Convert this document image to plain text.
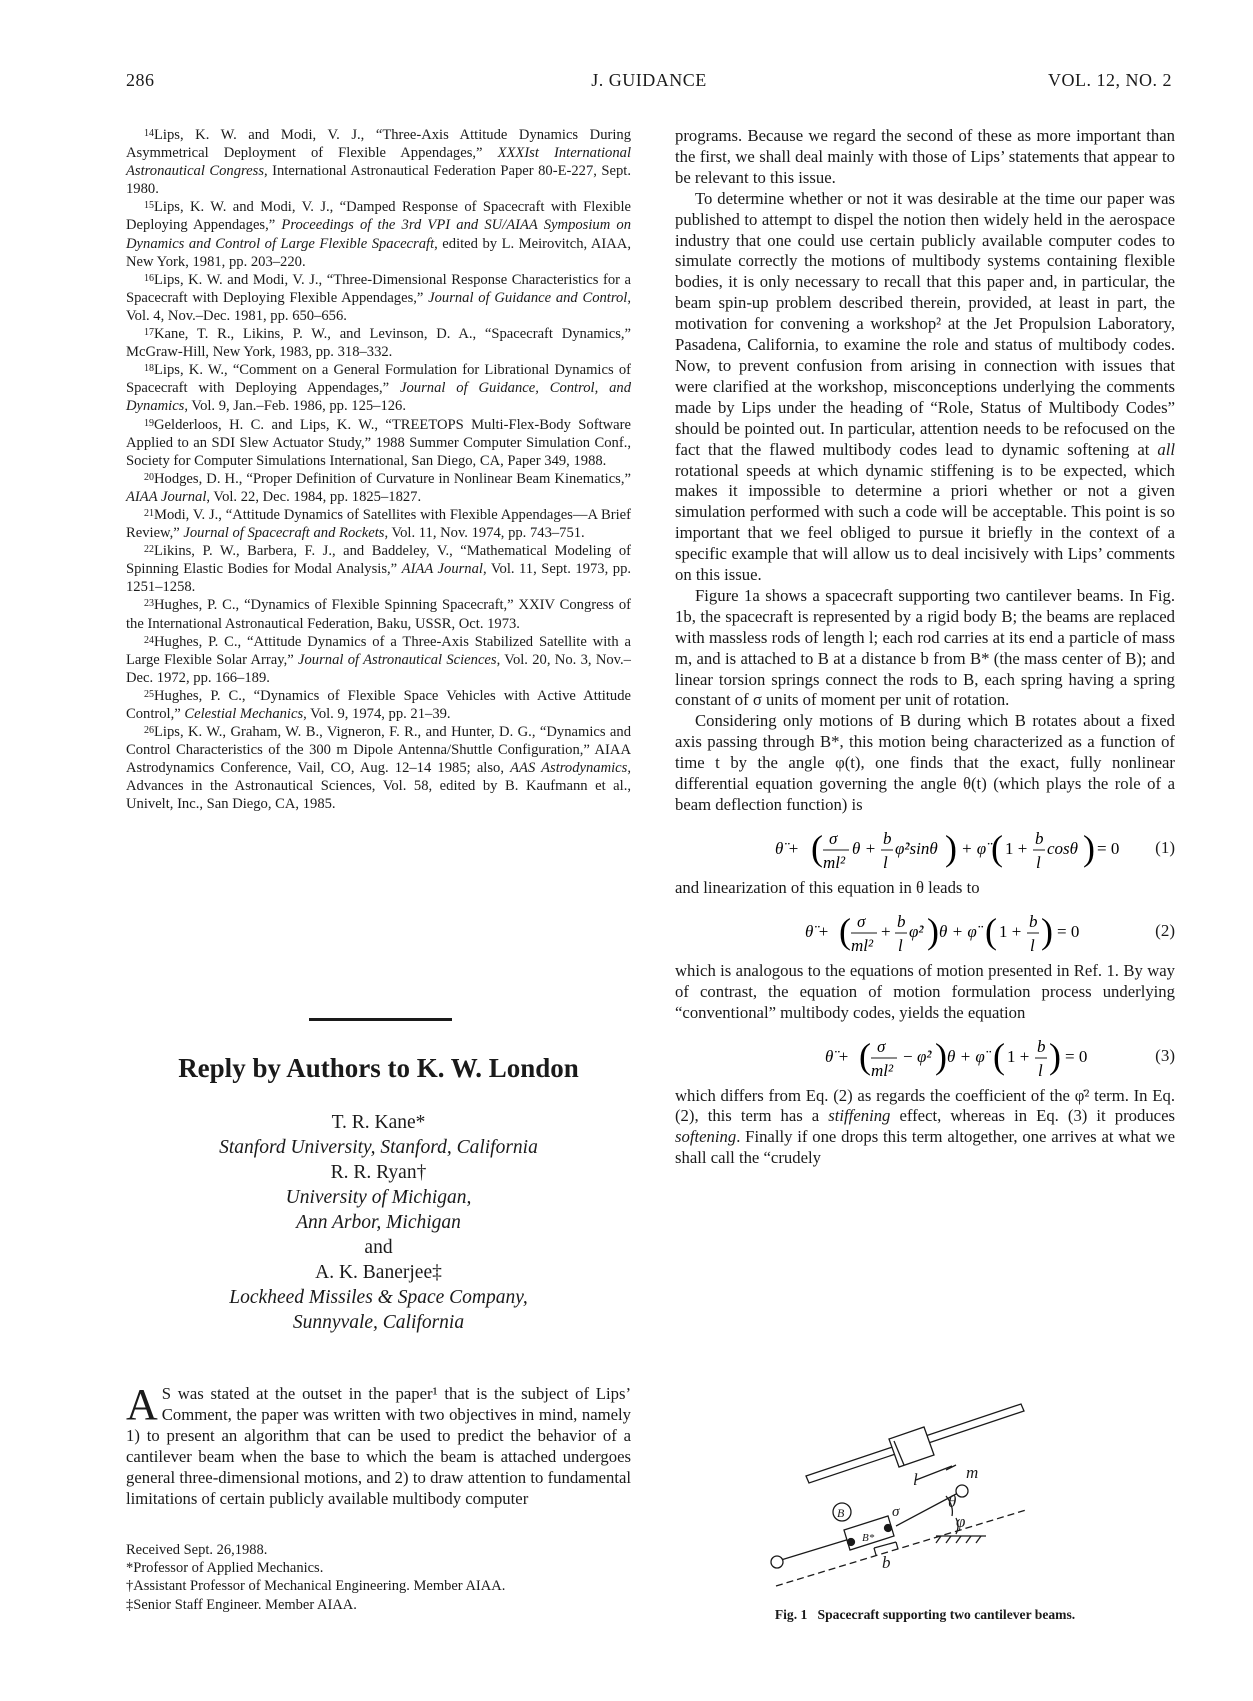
286	J. GUIDANCE	VOL. 12, NO. 2

$^{14}$Lips, K. W. and Modi, V. J., “Three-Axis Attitude Dynamics During Asymmetrical Deployment of Flexible Appendages,” XXXIst International Astronautical Congress, International Astronautical Federation Paper 80-E-227, Sept. 1980.

$^{15}$Lips, K. W. and Modi, V. J., “Damped Response of Spacecraft with Flexible Deploying Appendages,” Proceedings of the 3rd VPI and SU/AIAA Symposium on Dynamics and Control of Large Flexible Spacecraft, edited by L. Meirovitch, AIAA, New York, 1981, pp. 203–220.

$^{16}$Lips, K. W. and Modi, V. J., “Three-Dimensional Response Characteristics for a Spacecraft with Deploying Flexible Appendages,” Journal of Guidance and Control, Vol. 4, Nov.–Dec. 1981, pp. 650–656.

$^{17}$Kane, T. R., Likins, P. W., and Levinson, D. A., “Spacecraft Dynamics,” McGraw-Hill, New York, 1983, pp. 318–332.

$^{18}$Lips, K. W., “Comment on a General Formulation for Librational Dynamics of Spacecraft with Deploying Appendages,” Journal of Guidance, Control, and Dynamics, Vol. 9, Jan.–Feb. 1986, pp. 125–126.

$^{19}$Gelderloos, H. C. and Lips, K. W., “TREETOPS Multi-Flex-Body Software Applied to an SDI Slew Actuator Study,” 1988 Summer Computer Simulation Conf., Society for Computer Simulations International, San Diego, CA, Paper 349, 1988.

$^{20}$Hodges, D. H., “Proper Definition of Curvature in Nonlinear Beam Kinematics,” AIAA Journal, Vol. 22, Dec. 1984, pp. 1825–1827.

$^{21}$Modi, V. J., “Attitude Dynamics of Satellites with Flexible Appendages—A Brief Review,” Journal of Spacecraft and Rockets, Vol. 11, Nov. 1974, pp. 743–751.

$^{22}$Likins, P. W., Barbera, F. J., and Baddeley, V., “Mathematical Modeling of Spinning Elastic Bodies for Modal Analysis,” AIAA Journal, Vol. 11, Sept. 1973, pp. 1251–1258.

$^{23}$Hughes, P. C., “Dynamics of Flexible Spinning Spacecraft,” XXIV Congress of the International Astronautical Federation, Baku, USSR, Oct. 1973.

$^{24}$Hughes, P. C., “Attitude Dynamics of a Three-Axis Stabilized Satellite with a Large Flexible Solar Array,” Journal of Astronautical Sciences, Vol. 20, No. 3, Nov.–Dec. 1972, pp. 166–189.

$^{25}$Hughes, P. C., “Dynamics of Flexible Space Vehicles with Active Attitude Control,” Celestial Mechanics, Vol. 9, 1974, pp. 21–39.

$^{26}$Lips, K. W., Graham, W. B., Vigneron, F. R., and Hunter, D. G., “Dynamics and Control Characteristics of the 300 m Dipole Antenna/Shuttle Configuration,” AIAA Astrodynamics Conference, Vail, CO, Aug. 12–14 1985; also, AAS Astrodynamics, Advances in the Astronautical Sciences, Vol. 58, edited by B. Kaufmann et al., Univelt, Inc., San Diego, CA, 1985.

Reply by Authors to K. W. London
T. R. Kane*
Stanford University, Stanford, California
R. R. Ryan†
University of Michigan,
Ann Arbor, Michigan
and
A. K. Banerjee‡
Lockheed Missiles & Space Company,
Sunnyvale, California

A S was stated at the outset in the paper¹ that is the subject of Lips’ Comment, the paper was written with two objectives in mind, namely 1) to present an algorithm that can be used to predict the behavior of a cantilever beam when the base to which the beam is attached undergoes general three-dimensional motions, and 2) to draw attention to fundamental limitations of certain publicly available multibody computer

Received Sept. 26,1988.
*Professor of Applied Mechanics.
†Assistant Professor of Mechanical Engineering. Member AIAA.
‡Senior Staff Engineer. Member AIAA.

programs. Because we regard the second of these as more important than the first, we shall deal mainly with those of Lips’ statements that appear to be relevant to this issue.

To determine whether or not it was desirable at the time our paper was published to attempt to dispel the notion then widely held in the aerospace industry that one could use certain publicly available computer codes to simulate correctly the motions of multibody systems containing flexible bodies, it is only necessary to recall that this paper and, in particular, the beam spin-up problem described therein, provided, at least in part, the motivation for convening a workshop² at the Jet Propulsion Laboratory, Pasadena, California, to examine the role and status of multibody codes. Now, to prevent confusion from arising in connection with issues that were clarified at the workshop, misconceptions underlying the comments made by Lips under the heading of “Role, Status of Multibody Codes” should be pointed out. In particular, attention needs to be refocused on the fact that the flawed multibody codes lead to dynamic softening at all rotational speeds at which dynamic stiffening is to be expected, which makes it impossible to determine a priori whether or not a given simulation performed with such a code will be acceptable. This point is so important that we feel obliged to pursue it briefly in the context of a specific example that will allow us to deal incisively with Lips’ comments on this issue.

Figure 1a shows a spacecraft supporting two cantilever beams. In Fig. 1b, the spacecraft is represented by a rigid body B; the beams are replaced with massless rods of length l; each rod carries at its end a particle of mass m, and is attached to B at a distance b from B* (the mass center of B); and linear torsion springs connect the rods to B, each spring having a spring constant of σ units of moment per unit of rotation.

Considering only motions of B during which B rotates about a fixed axis passing through B*, this motion being characterized as a function of time t by the angle φ(t), one finds that the exact, fully nonlinear differential equation governing the angle θ(t) (which plays the role of a beam deflection function) is

θ̈ + ( σ
ml²
θ +
b
l
φ̇²sinθ ) + φ̈ ( 1 +
b
l
cosθ ) = 0 (1)

and linearization of this equation in θ leads to

θ̈ + ( σ
ml²
+
b
l
φ̇² ) θ + φ̈ ( 1 +
b
l ) = 0	(2)

which is analogous to the equations of motion presented in Ref. 1. By way of contrast, the equation of motion formulation process underlying “conventional” multibody codes, yields the equation

θ̈ + ( σ
ml²
− φ̇² ) θ + φ̈ ( 1 +
b
l ) = 0	(3)

which differs from Eq. (2) as regards the coefficient of the φ̇² term. In Eq. (2), this term has a stiffening effect, whereas in Eq. (3) it produces softening. Finally if one drops this term altogether, one arrives at what we shall call the “crudely

l	m
θ
φ
σ
b
B
B*
Fig. 1 Spacecraft supporting two cantilever beams.
